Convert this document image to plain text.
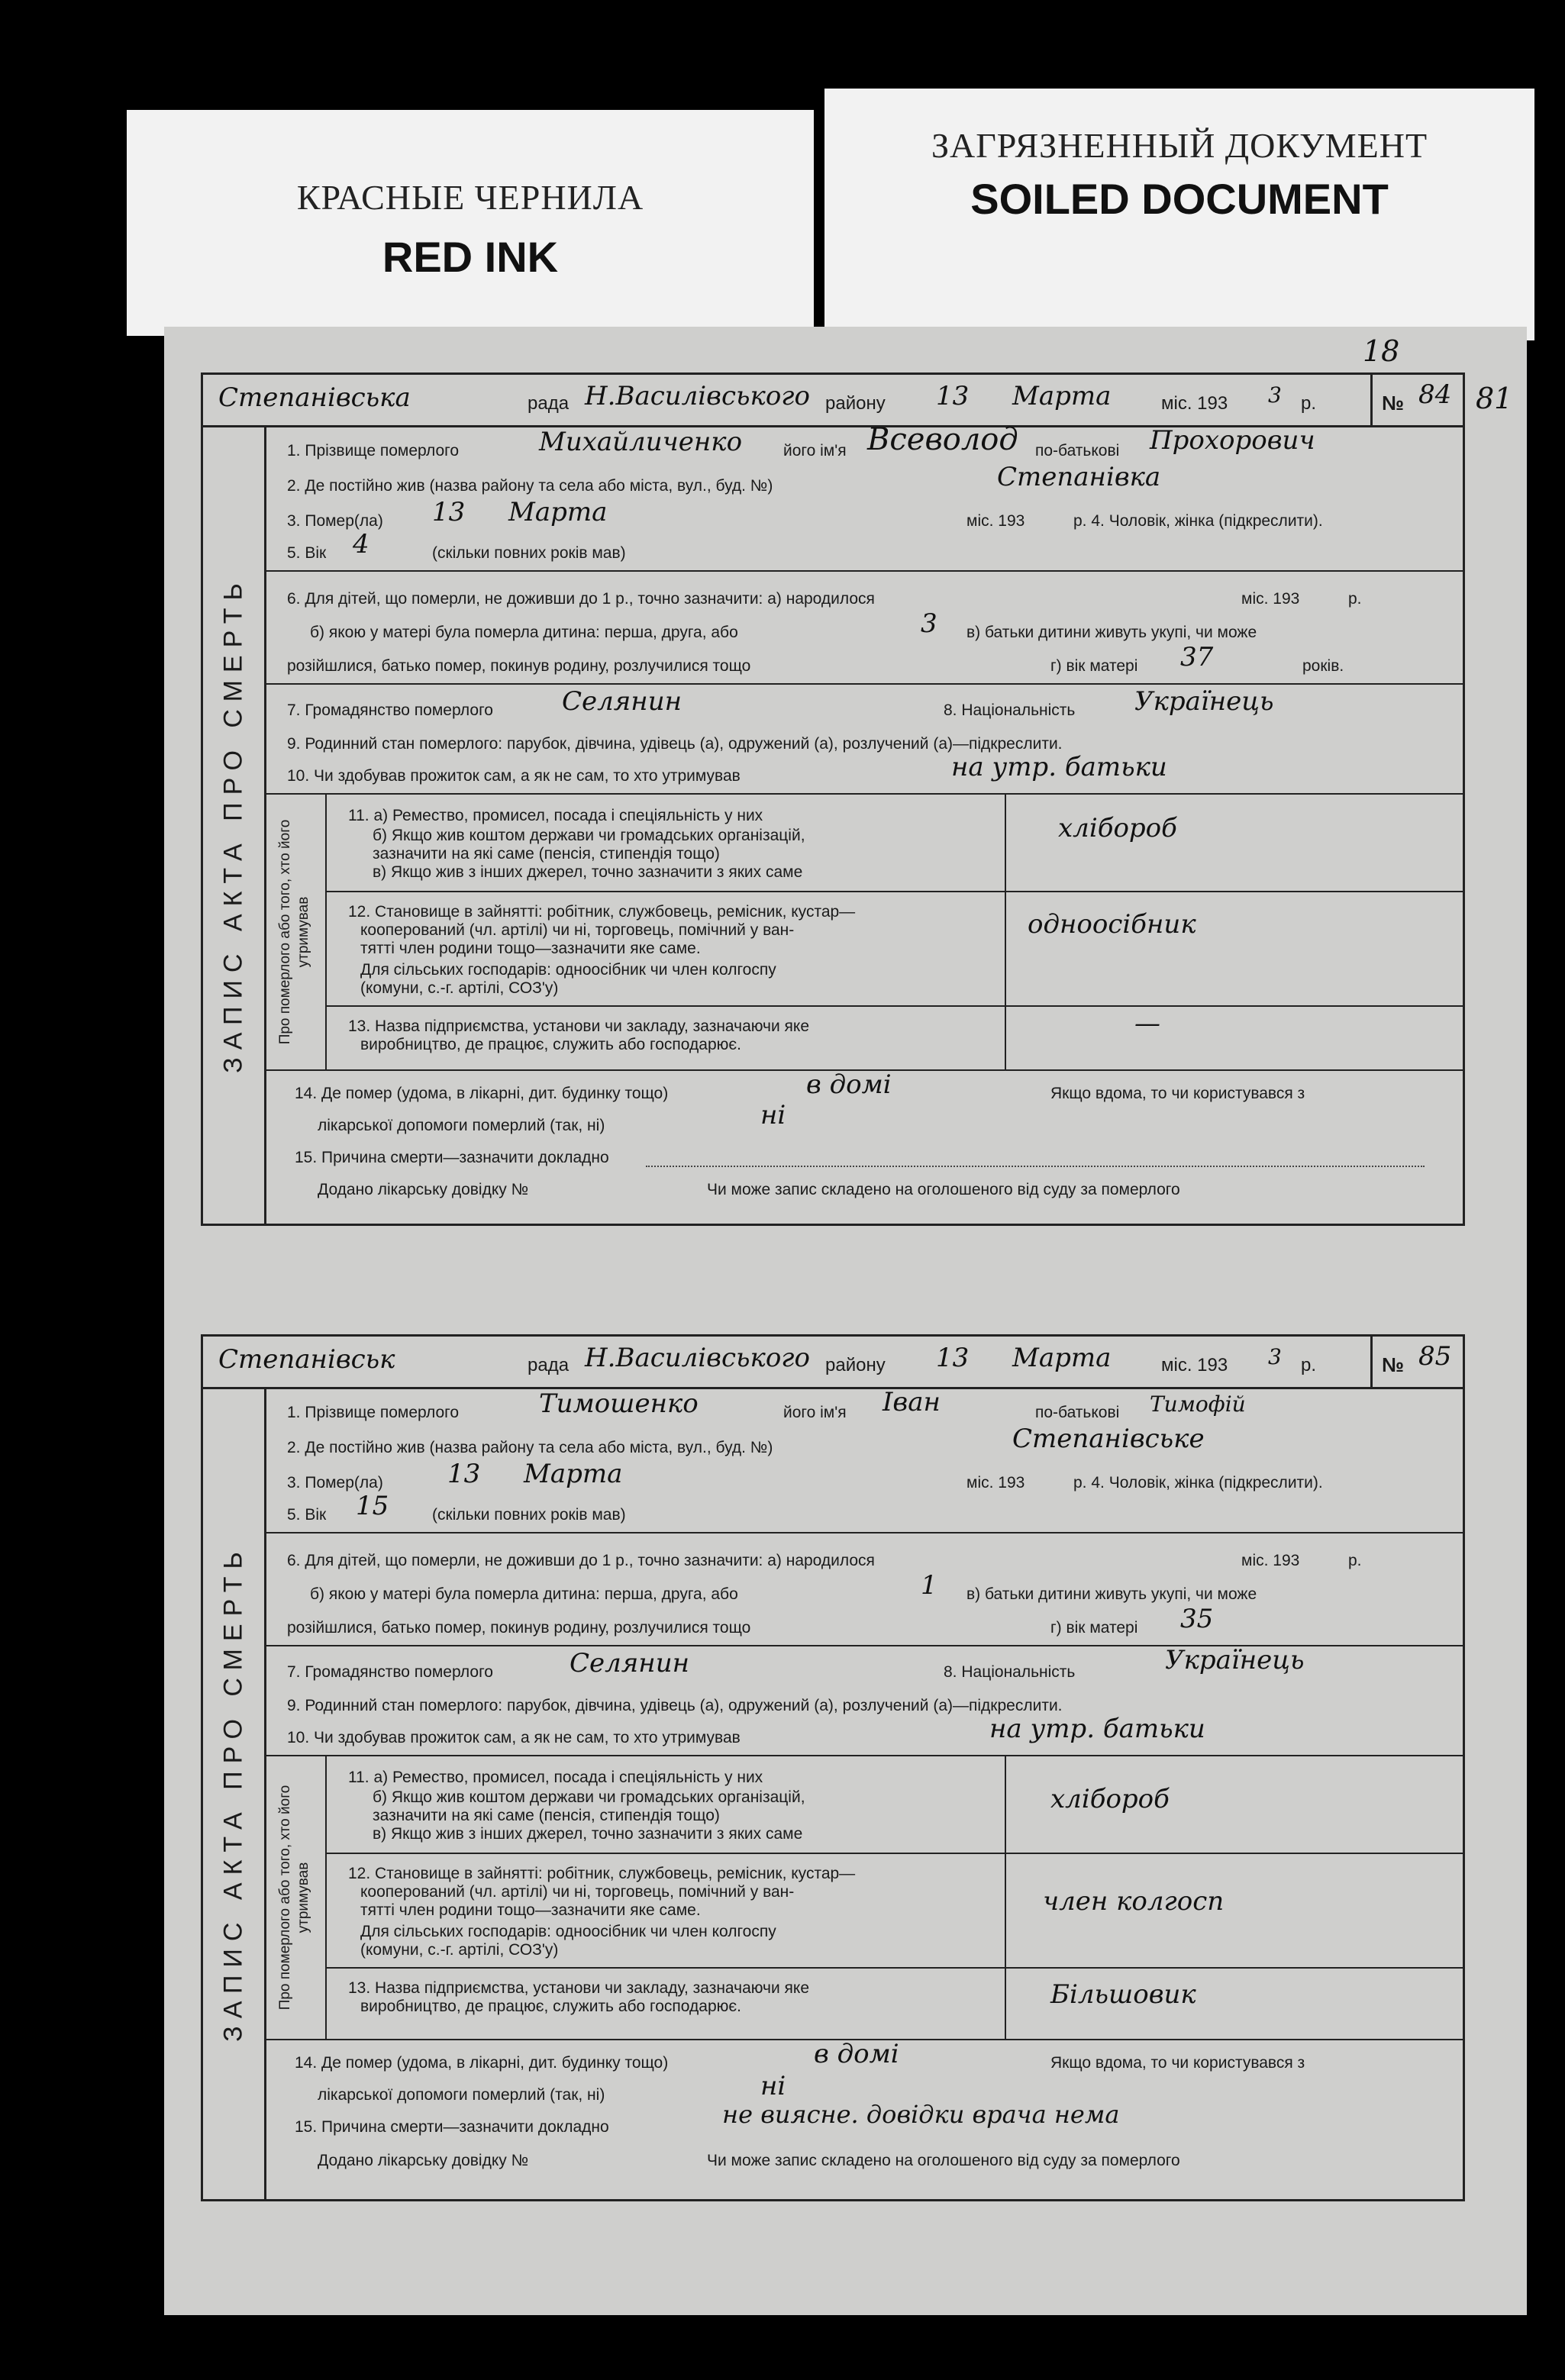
КРАСНЫЕ ЧЕРНИЛА
RED INK
ЗАГРЯЗНЕННЫЙ ДОКУМЕНТ
SOILED DOCUMENT
18
81
Степанівська	рада Н.Василівського району 13 Марта	міс. 193 3 р.	№ 84
ЗАПИС АКТА ПРО СМЕРТЬ
1. Прізвище померлого	Михайличенко	його ім'я Всеволод по-батькові Прохорович
2. Де постійно жив (назва району та села або міста, вул., буд. №)	Степанівка
3. Помер(ла) 13 Марта	міс. 193	р. 4. Чоловік, жінка (підкреслити).
5. Вік 4	(скільки повних років мав)
6. Для дітей, що померли, не доживши до 1 р., точно зазначити: а) народилося	міс. 193	р.
б) якою у матері була померла дитина: перша, друга, або	3 в) батьки дитини живуть укупі, чи може
розійшлися, батько помер, покинув родину, розлучилися тощо	г) вік матері 37	років.
7. Громадянство померлого	Селянин	8. Національність Українець
9. Родинний стан померлого: парубок, дівчина, удівець (а), одружений (а), розлучений (а)—підкреслити.
10. Чи здобував прожиток сам, а як не сам, то хто утримував	на утр. батьки
Про померлого або того, хто його утримував
11. а) Ремество, промисел, посада і спеціяльність у них
б) Якщо жив коштом держави чи громадських організацій,
зазначити на які саме (пенсія, стипендія тощо)
в) Якщо жив з інших джерел, точно зазначити з яких саме
хлібороб
12. Становище в зайнятті: робітник, службовець, ремісник, кустар—
кооперований (чл. артілі) чи ні, торговець, помічний у ван-
тятті член родини тощо—зазначити яке саме.
Для сільських господарів: одноосібник чи член колгоспу
(комуни, с.-г. артілі, СОЗ'у)
одноосібник
13. Назва підприємства, установи чи закладу, зазначаючи яке
виробництво, де працює, служить або господарює.
—
14. Де помер (удома, в лікарні, дит. будинку тощо)	в домі	Якщо вдома, то чи користувався з
лікарської допомоги померлий (так, ні)	ні
15. Причина смерти—зазначити докладно
Додано лікарську довідку №	Чи може запис складено на оголошеного від суду за померлого
Степанівськ	рада Н.Василівського району 13 Марта	міс. 193 3 р.	№ 85
ЗАПИС АКТА ПРО СМЕРТЬ
1. Прізвище померлого	Тимошенко	його ім'я Іван	по-батькові Тимофій
2. Де постійно жив (назва району та села або міста, вул., буд. №)	Степанівське
3. Помер(ла) 13 Марта	міс. 193	р. 4. Чоловік, жінка (підкреслити).
5. Вік 15	(скільки повних років мав)
6. Для дітей, що померли, не доживши до 1 р., точно зазначити: а) народилося	міс. 193	р.
б) якою у матері була померла дитина: перша, друга, або	1 в) батьки дитини живуть укупі, чи може
розійшлися, батько помер, покинув родину, розлучилися тощо	г) вік матері 35
7. Громадянство померлого	Селянин	8. Національність	Українець
9. Родинний стан померлого: парубок, дівчина, удівець (а), одружений (а), розлучений (а)—підкреслити.
10. Чи здобував прожиток сам, а як не сам, то хто утримував	на утр. батьки
Про померлого або того, хто його утримував
11. а) Ремество, промисел, посада і спеціяльність у них
б) Якщо жив коштом держави чи громадських організацій,
зазначити на які саме (пенсія, стипендія тощо)
в) Якщо жив з інших джерел, точно зазначити з яких саме
хлібороб
12. Становище в зайнятті: робітник, службовець, ремісник, кустар—
кооперований (чл. артілі) чи ні, торговець, помічний у ван-
тятті член родини тощо—зазначити яке саме.
Для сільських господарів: одноосібник чи член колгоспу
(комуни, с.-г. артілі, СОЗ'у)
член колгосп
13. Назва підприємства, установи чи закладу, зазначаючи яке
виробництво, де працює, служить або господарює.	Більшовик
14. Де помер (удома, в лікарні, дит. будинку тощо)	в домі	Якщо вдома, то чи користувався з
лікарської допомоги померлий (так, ні)	ні
15. Причина смерти—зазначити докладно	не виясне. довідки врача нема
Додано лікарську довідку №	Чи може запис складено на оголошеного від суду за померлого
